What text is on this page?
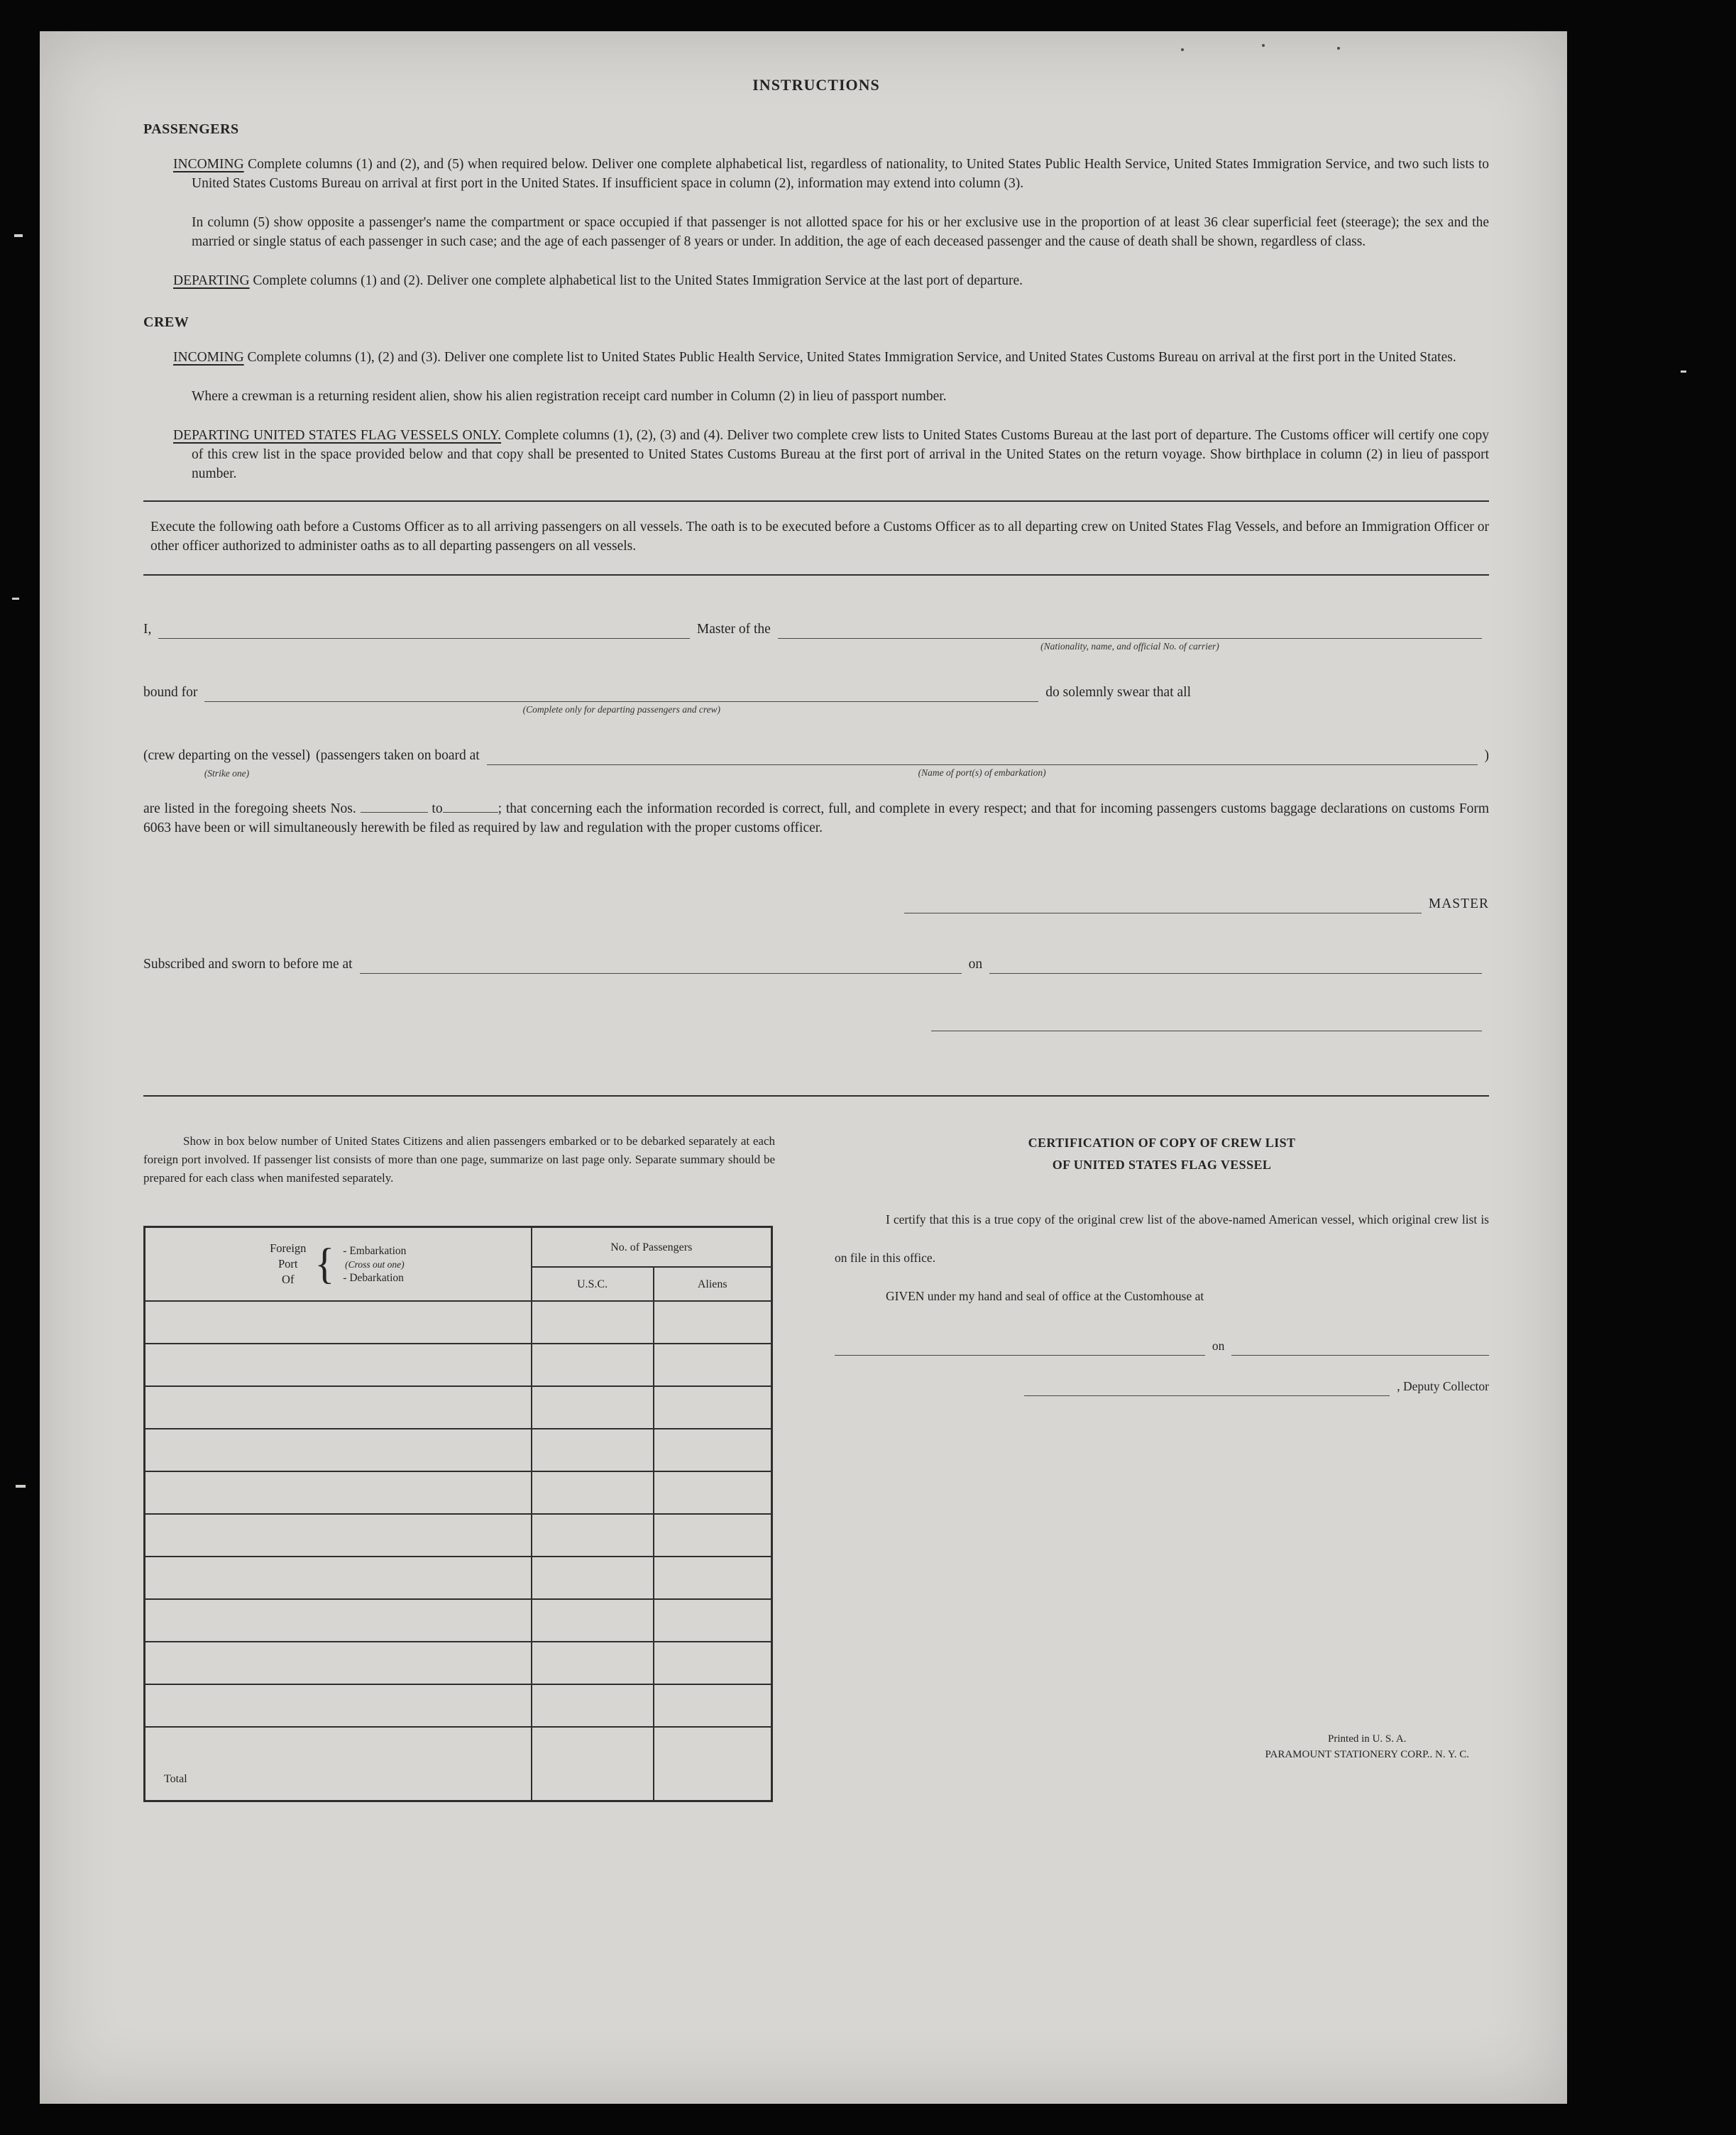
INSTRUCTIONS
PASSENGERS

INCOMING Complete columns (1) and (2), and (5) when required below. Deliver one complete alphabetical list, regardless of nationality, to United States Public Health Service, United States Immigration Service, and two such lists to United States Customs Bureau on arrival at first port in the United States. If insufficient space in column (2), information may extend into column (3).

In column (5) show opposite a passenger's name the compartment or space occupied if that passenger is not allotted space for his or her exclusive use in the proportion of at least 36 clear superficial feet (steerage); the sex and the married or single status of each passenger in such case; and the age of each passenger of 8 years or under. In addition, the age of each deceased passenger and the cause of death shall be shown, regardless of class.

DEPARTING Complete columns (1) and (2). Deliver one complete alphabetical list to the United States Immigration Service at the last port of departure.

CREW

INCOMING Complete columns (1), (2) and (3). Deliver one complete list to United States Public Health Service, United States Immigration Service, and United States Customs Bureau on arrival at the first port in the United States.

Where a crewman is a returning resident alien, show his alien registration receipt card number in Column (2) in lieu of passport number.

DEPARTING UNITED STATES FLAG VESSELS ONLY. Complete columns (1), (2), (3) and (4). Deliver two complete crew lists to United States Customs Bureau at the last port of departure. The Customs officer will certify one copy of this crew list in the space provided below and that copy shall be presented to United States Customs Bureau at the first port of arrival in the United States on the return voyage. Show birthplace in column (2) in lieu of passport number.

Execute the following oath before a Customs Officer as to all arriving passengers on all vessels. The oath is to be executed before a Customs Officer as to all departing crew on United States Flag Vessels, and before an Immigration Officer or other officer authorized to administer oaths as to all departing passengers on all vessels.

I,	Master of the
(Nationality, name, and official No. of carrier)
bound for
(Complete only for departing passengers and crew)
do solemnly swear that all
(crew departing on the vessel)
(Strike one)
(passengers taken on board at
(Name of port(s) of embarkation)
)

are listed in the foregoing sheets Nos.	to	; that concerning each the information recorded is correct, full, and complete in every respect; and that for incoming passengers customs baggage declarations on customs Form 6063 have been or will simultaneously herewith be filed as required by law and regulation with the proper customs officer.

MASTER
Subscribed and sworn to before me at	on

Show in box below number of United States Citizens and alien passengers embarked or to be debarked separately at each foreign port involved. If passenger list consists of more than one page, summarize on last page only. Separate summary should be prepared for each class when manifested separately.

Foreign
Port
Of { - Embarkation
(Cross out one)
- Debarkation
	No. of Passengers
	U.S.C.	Aliens

Total		
CERTIFICATION OF COPY OF CREW LIST
OF UNITED STATES FLAG VESSEL

I certify that this is a true copy of the original crew list of the above-named American vessel, which original crew list is on file in this office.

GIVEN under my hand and seal of office at the Customhouse at

on
, Deputy Collector
Printed in U. S. A.
PARAMOUNT STATIONERY CORP.. N. Y. C.
